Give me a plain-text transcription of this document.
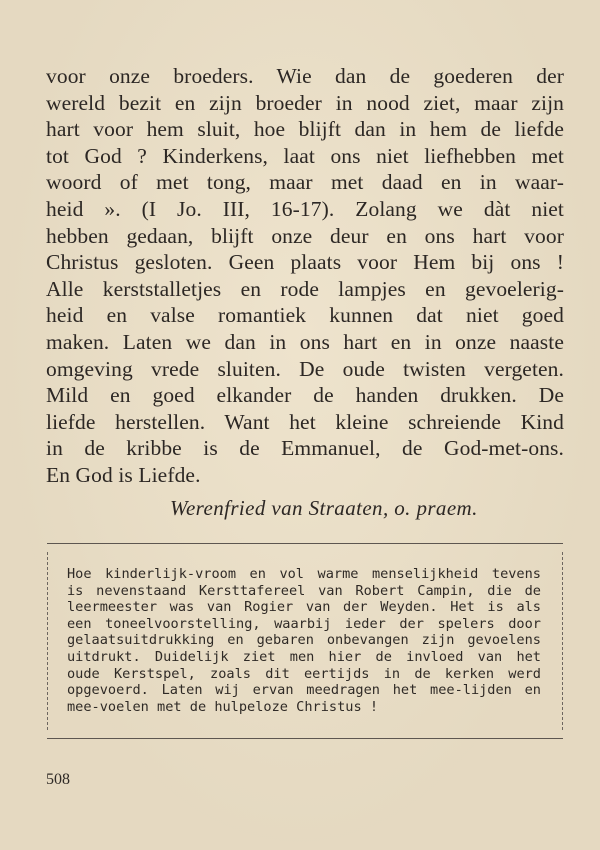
voor onze broeders. Wie dan de goederen der
wereld bezit en zijn broeder in nood ziet, maar zijn
hart voor hem sluit, hoe blijft dan in hem de liefde
tot God ? Kinderkens, laat ons niet liefhebben met
woord of met tong, maar met daad en in waar-
heid ». (I Jo. III, 16-17). Zolang we dàt niet
hebben gedaan, blijft onze deur en ons hart voor
Christus gesloten. Geen plaats voor Hem bij ons !
Alle kerststalletjes en rode lampjes en gevoelerig-
heid en valse romantiek kunnen dat niet goed
maken. Laten we dan in ons hart en in onze naaste
omgeving vrede sluiten. De oude twisten vergeten.
Mild en goed elkander de handen drukken. De
liefde herstellen. Want het kleine schreiende Kind
in de kribbe is de Emmanuel, de God-met-ons.
En God is Liefde.
Werenfried van Straaten, o. praem.
Hoe kinderlijk-vroom en vol warme menselijkheid tevens
is nevenstaand Kersttafereel van Robert Campin, die de
leermeester was van Rogier van der Weyden. Het is als
een toneelvoorstelling, waarbij ieder der spelers door
gelaatsuitdrukking en gebaren onbevangen zijn gevoelens
uitdrukt. Duidelijk ziet men hier de invloed van het
oude Kerstspel, zoals dit eertijds in de kerken werd
opgevoerd. Laten wij ervan meedragen het mee-lijden en
mee-voelen met de hulpeloze Christus !
508
